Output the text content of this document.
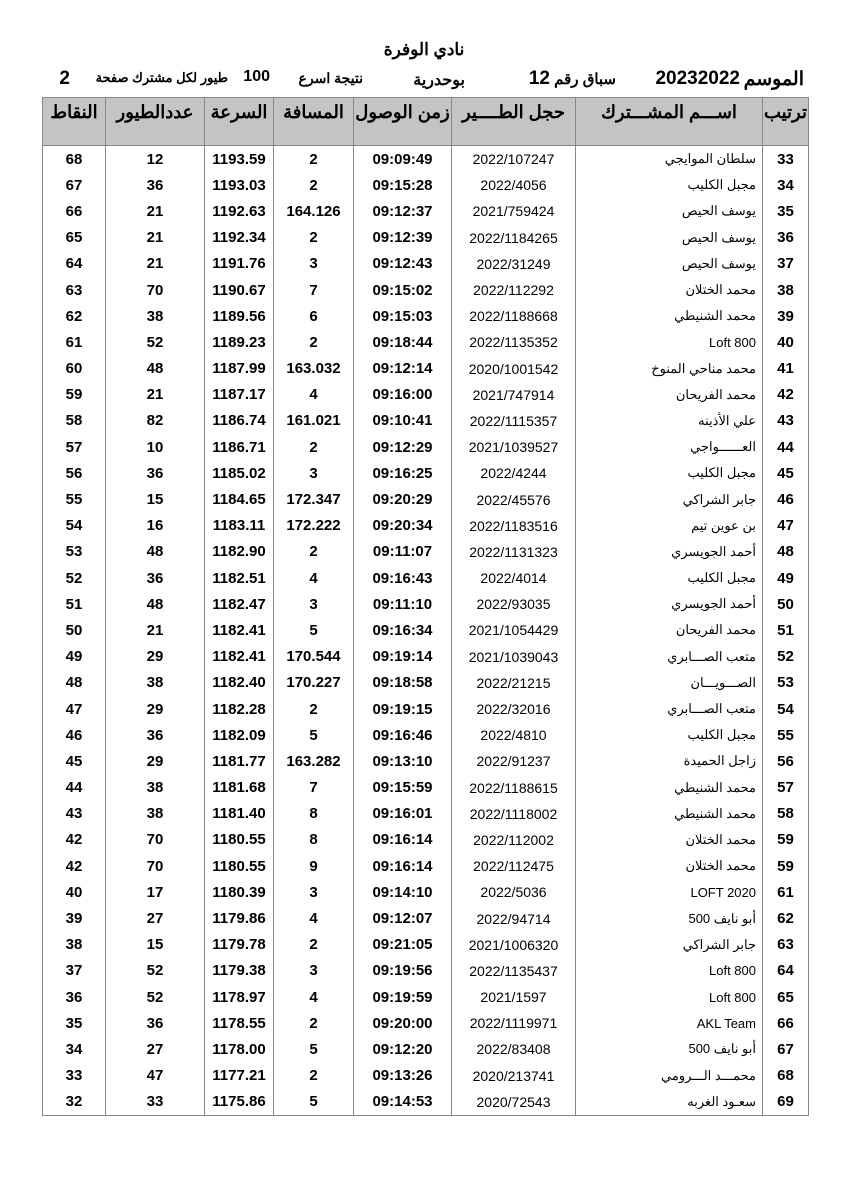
نادي الوفرة
الموسم
20232022
سباق رقم
12
بوحدرية
نتيجة اسرع
100
طيور لكل مشترك صفحة
2
ترتيب	اســـم المشـــترك	حجل الطــــير	زمن الوصول	المسافة	السرعة	عددالطيور	النقاط
33	سلطان الموايجي	2022/107247	09:09:49	2	1193.59	12	68
34	مجبل الكليب	2022/4056	09:15:28	2	1193.03	36	67
35	يوسف الحيص	2021/759424	09:12:37	164.126	1192.63	21	66
36	يوسف الحيص	2022/1184265	09:12:39	2	1192.34	21	65
37	يوسف الحيص	2022/31249	09:12:43	3	1191.76	21	64
38	محمد الختلان	2022/112292	09:15:02	7	1190.67	70	63
39	محمد الشنيطي	2022/1188668	09:15:03	6	1189.56	38	62
40	Loft 800	2022/1135352	09:18:44	2	1189.23	52	61
41	محمد مناحي المنوخ	2020/1001542	09:12:14	163.032	1187.99	48	60
42	محمد الفريحان	2021/747914	09:16:00	4	1187.17	21	59
43	علي الأذينه	2022/1115357	09:10:41	161.021	1186.74	82	58
44	العــــــواجي	2021/1039527	09:12:29	2	1186.71	10	57
45	مجبل الكليب	2022/4244	09:16:25	3	1185.02	36	56
46	جابر الشراكي	2022/45576	09:20:29	172.347	1184.65	15	55
47	بن عوين تيم	2022/1183516	09:20:34	172.222	1183.11	16	54
48	أحمد الجويسري	2022/1131323	09:11:07	2	1182.90	48	53
49	مجبل الكليب	2022/4014	09:16:43	4	1182.51	36	52
50	أحمد الجويسري	2022/93035	09:11:10	3	1182.47	48	51
51	محمد الفريحان	2021/1054429	09:16:34	5	1182.41	21	50
52	متعب الصـــابري	2021/1039043	09:19:14	170.544	1182.41	29	49
53	الصـــويـــان	2022/21215	09:18:58	170.227	1182.40	38	48
54	متعب الصـــابري	2022/32016	09:19:15	2	1182.28	29	47
55	مجبل الكليب	2022/4810	09:16:46	5	1182.09	36	46
56	زاجل الحميدة	2022/91237	09:13:10	163.282	1181.77	29	45
57	محمد الشنيطي	2022/1188615	09:15:59	7	1181.68	38	44
58	محمد الشنيطي	2022/1118002	09:16:01	8	1181.40	38	43
59	محمد الختلان	2022/112002	09:16:14	8	1180.55	70	42
59	محمد الختلان	2022/112475	09:16:14	9	1180.55	70	42
61	LOFT 2020	2022/5036	09:14:10	3	1180.39	17	40
62	أبو نايف 500	2022/94714	09:12:07	4	1179.86	27	39
63	جابر الشراكي	2021/1006320	09:21:05	2	1179.78	15	38
64	Loft 800	2022/1135437	09:19:56	3	1179.38	52	37
65	Loft 800	2021/1597	09:19:59	4	1178.97	52	36
66	AKL Team	2022/1119971	09:20:00	2	1178.55	36	35
67	أبو نايف 500	2022/83408	09:12:20	5	1178.00	27	34
68	محمـــد الـــرومي	2020/213741	09:13:26	2	1177.21	47	33
69	سعـود الغربه	2020/72543	09:14:53	5	1175.86	33	32
